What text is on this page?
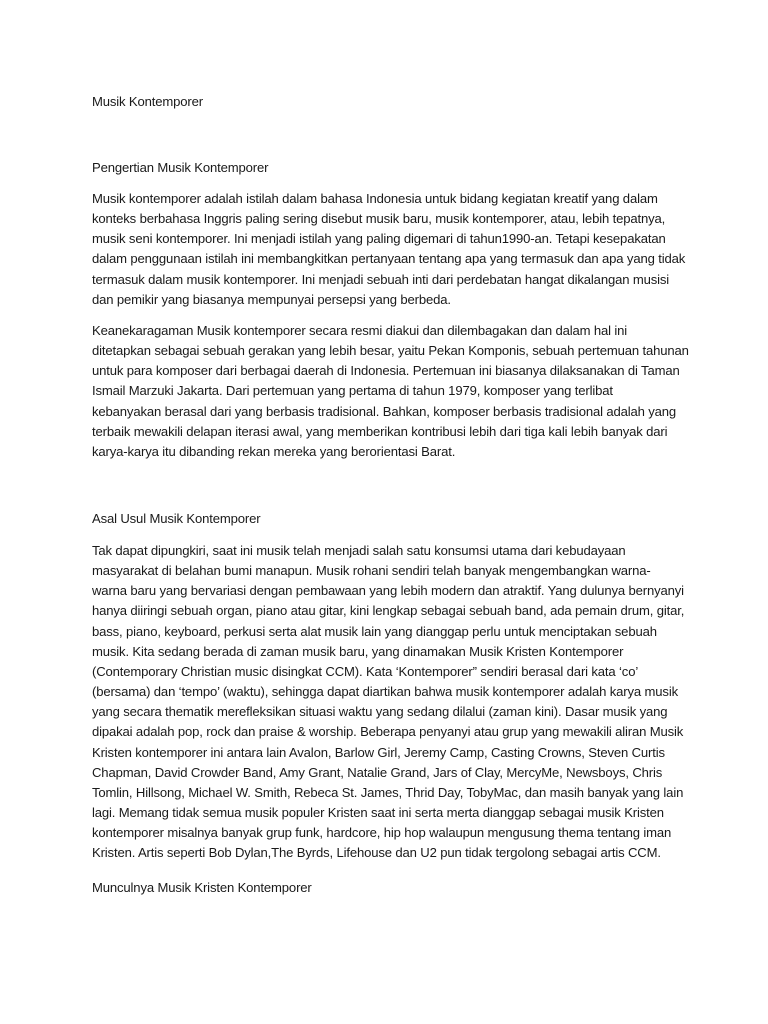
Musik Kontemporer

Pengertian Musik Kontemporer

Musik kontemporer adalah istilah dalam bahasa Indonesia untuk bidang kegiatan kreatif yang dalam
konteks berbahasa Inggris paling sering disebut musik baru, musik kontemporer, atau, lebih tepatnya,
musik seni kontemporer. Ini menjadi istilah yang paling digemari di tahun1990-an. Tetapi kesepakatan
dalam penggunaan istilah ini membangkitkan pertanyaan tentang apa yang termasuk dan apa yang tidak
termasuk dalam musik kontemporer. Ini menjadi sebuah inti dari perdebatan hangat dikalangan musisi
dan pemikir yang biasanya mempunyai persepsi yang berbeda.
Keanekaragaman Musik kontemporer secara resmi diakui dan dilembagakan dan dalam hal ini
ditetapkan sebagai sebuah gerakan yang lebih besar, yaitu Pekan Komponis, sebuah pertemuan tahunan
untuk para komposer dari berbagai daerah di Indonesia. Pertemuan ini biasanya dilaksanakan di Taman
Ismail Marzuki Jakarta. Dari pertemuan yang pertama di tahun 1979, komposer yang terlibat
kebanyakan berasal dari yang berbasis tradisional. Bahkan, komposer berbasis tradisional adalah yang
terbaik mewakili delapan iterasi awal, yang memberikan kontribusi lebih dari tiga kali lebih banyak dari
karya-karya itu dibanding rekan mereka yang berorientasi Barat.

Asal Usul Musik Kontemporer

Tak dapat dipungkiri, saat ini musik telah menjadi salah satu konsumsi utama dari kebudayaan
masyarakat di belahan bumi manapun. Musik rohani sendiri telah banyak mengembangkan warna-
warna baru yang bervariasi dengan pembawaan yang lebih modern dan atraktif. Yang dulunya bernyanyi
hanya diiringi sebuah organ, piano atau gitar, kini lengkap sebagai sebuah band, ada pemain drum, gitar,
bass, piano, keyboard, perkusi serta alat musik lain yang dianggap perlu untuk menciptakan sebuah
musik. Kita sedang berada di zaman musik baru, yang dinamakan Musik Kristen Kontemporer
(Contemporary Christian music disingkat CCM). Kata ‘Kontemporer” sendiri berasal dari kata ‘co’
(bersama) dan ‘tempo’ (waktu), sehingga dapat diartikan bahwa musik kontemporer adalah karya musik
yang secara thematik merefleksikan situasi waktu yang sedang dilalui (zaman kini). Dasar musik yang
dipakai adalah pop, rock dan praise & worship. Beberapa penyanyi atau grup yang mewakili aliran Musik
Kristen kontemporer ini antara lain Avalon, Barlow Girl, Jeremy Camp, Casting Crowns, Steven Curtis
Chapman, David Crowder Band, Amy Grant, Natalie Grand, Jars of Clay, MercyMe, Newsboys, Chris
Tomlin, Hillsong, Michael W. Smith, Rebeca St. James, Thrid Day, TobyMac, dan masih banyak yang lain
lagi. Memang tidak semua musik populer Kristen saat ini serta merta dianggap sebagai musik Kristen
kontemporer misalnya banyak grup funk, hardcore, hip hop walaupun mengusung thema tentang iman
Kristen. Artis seperti Bob Dylan,The Byrds, Lifehouse dan U2 pun tidak tergolong sebagai artis CCM.

Munculnya Musik Kristen Kontemporer
